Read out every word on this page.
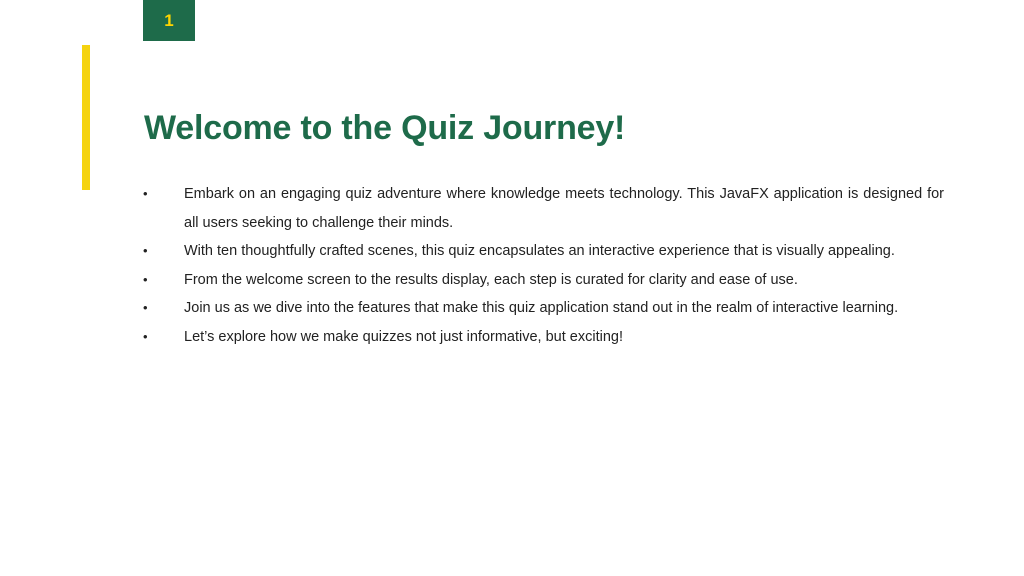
1
Welcome to the Quiz Journey!
•	Embark on an engaging quiz adventure where knowledge meets technology. This JavaFX application is designed for all users seeking to challenge their minds.
•	With ten thoughtfully crafted scenes, this quiz encapsulates an interactive experience that is visually appealing.
•	From the welcome screen to the results display, each step is curated for clarity and ease of use.
•	Join us as we dive into the features that make this quiz application stand out in the realm of interactive learning.
•	Let’s explore how we make quizzes not just informative, but exciting!
